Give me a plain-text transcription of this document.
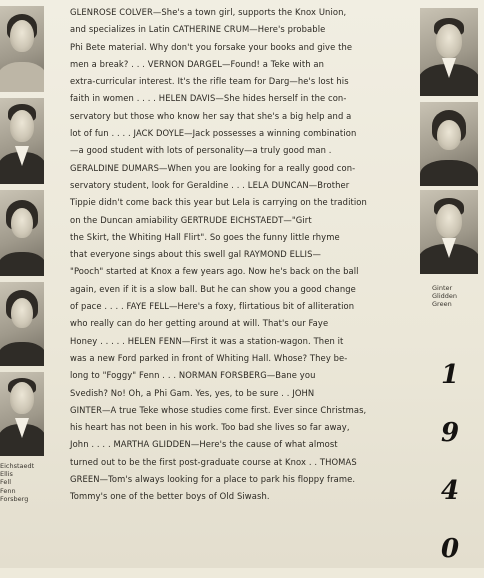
Eichstaedt
Ellis
Fell
Fenn
Forsberg
Ginter
Glidden
Green
GLENROSE COLVER—She's a town girl, supports the Knox Union,
and specializes in Latin CATHERINE CRUM—Here's probable
Phi Bete material. Why don't you forsake your books and give the
men a break? . . . VERNON DARGEL—Found! a Teke with an
extra-curricular interest. It's the rifle team for Darg—he's lost his
faith in women . . . . HELEN DAVIS—She hides herself in the con-
servatory but those who know her say that she's a big help and a
lot of fun . . . . JACK DOYLE—Jack possesses a winning combination
—a good student with lots of personality—a truly good man .
GERALDINE DUMARS—When you are looking for a really good con-
servatory student, look for Geraldine . . . LELA DUNCAN—Brother
Tippie didn't come back this year but Lela is carrying on the tradition
on the Duncan amiability GERTRUDE EICHSTAEDT—"Girt
the Skirt, the Whiting Hall Flirt". So goes the funny little rhyme
that everyone sings about this swell gal RAYMOND ELLIS—
"Pooch" started at Knox a few years ago. Now he's back on the ball
again, even if it is a slow ball. But he can show you a good change
of pace . . . . FAYE FELL—Here's a foxy, flirtatious bit of alliteration
who really can do her getting around at will. That's our Faye
Honey . . . . . HELEN FENN—First it was a station-wagon. Then it
was a new Ford parked in front of Whiting Hall. Whose? They be-
long to "Foggy" Fenn . . . NORMAN FORSBERG—Bane you
Svedish? No! Oh, a Phi Gam. Yes, yes, to be sure . . JOHN
GINTER—A true Teke whose studies come first. Ever since Christmas,
his heart has not been in his work. Too bad she lives so far away,
John . . . . MARTHA GLIDDEN—Here's the cause of what almost
turned out to be the first post-graduate course at Knox . . THOMAS
GREEN—Tom's always looking for a place to park his floppy frame.
Tommy's one of the better boys of Old Siwash.
1
9
4
0
